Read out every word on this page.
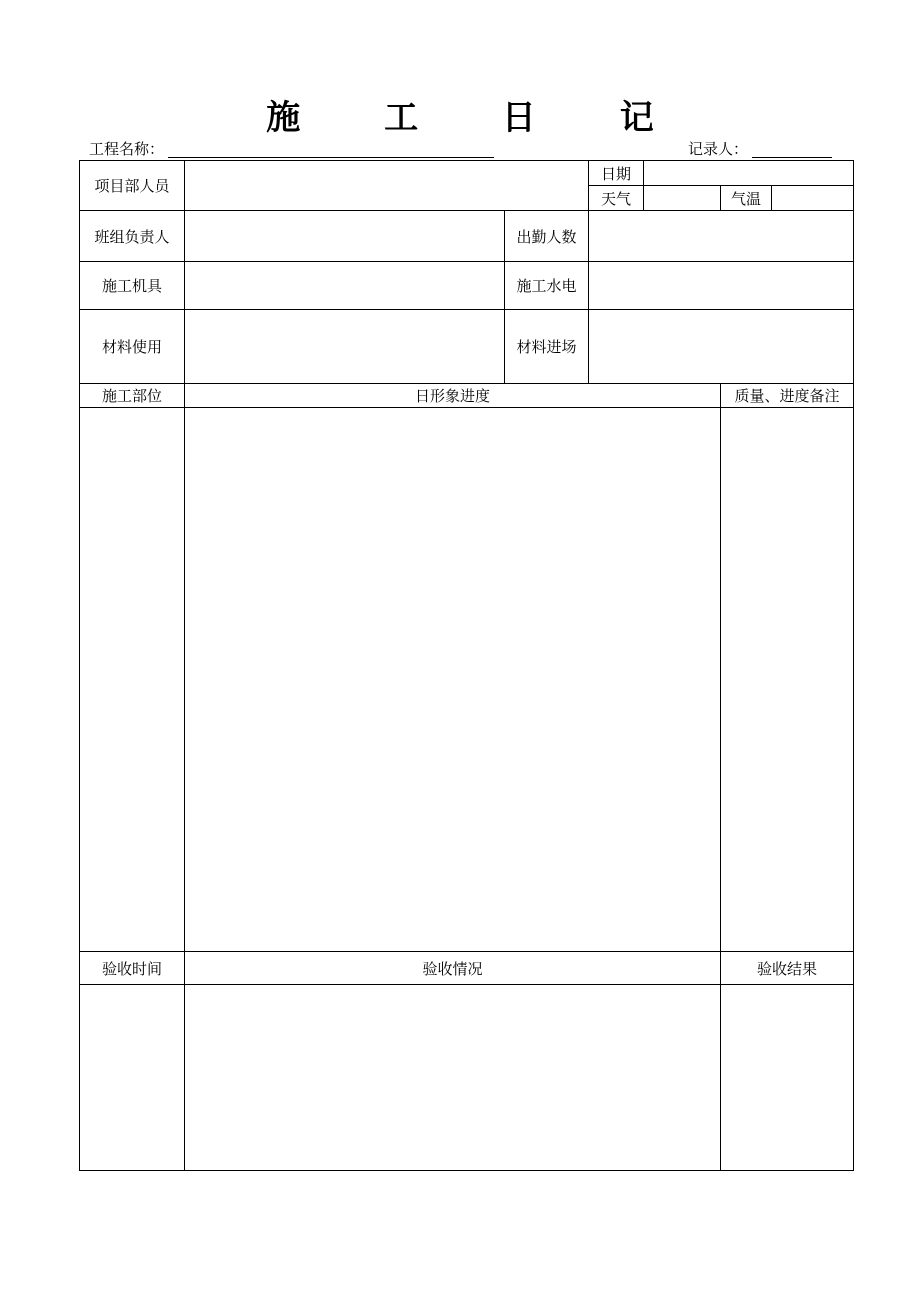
施 工 日 记
工程名称：	记录人：
项目部人员			日期			
			天气		气温	
班组负责人		出勤人数				
施工机具		施工水电				
材料使用		材料进场				
施工部位	日形象进度				质量、进度备注	

验收时间	验收情况				验收结果	
